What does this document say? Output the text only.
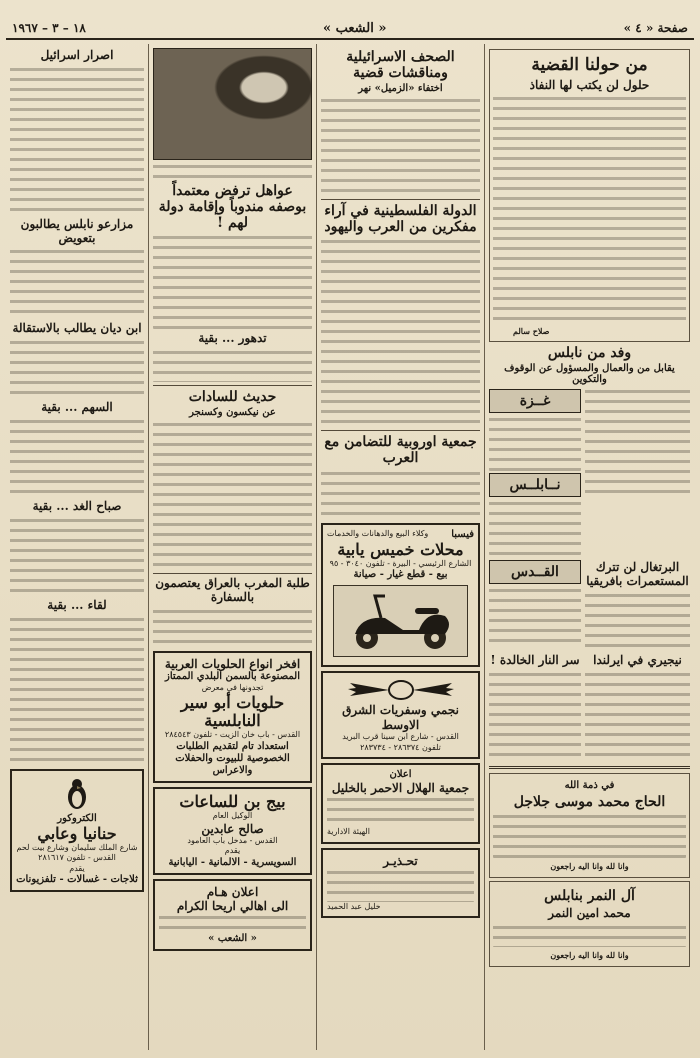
صفحة « ٤ »
« الشعب »
١٨ – ٣ – ١٩٦٧
من حولنا القضية
حلول لن يكتب لها النفاذ
صلاح سالم
وفد من نابلس
يقابل من والعمال والمسؤول عن الوقوف والتكوين
غــزة
نــابلــس
البرتغال لن تترك المستعمرات بافريقيا
القــدس
نيجيري في ايرلندا
سر النار الخالدة !
في ذمة الله
الحاج محمد موسى جلاجل
وانا لله وانا اليه راجعون
آل النمر بنابلس
محمد امين النمر
وانا لله وانا اليه راجعون
الصحف الاسرائيلية ومناقشات قضية
اختفاء «الزميل» نهر
الدولة الفلسطينية في آراء مفكرين من العرب واليهود
جمعية اوروبية للتضامن مع العرب
فيسبا
وكلاء البيع والدهانات والخدمات
محلات خميس يابية
الشارع الرئيسي - البيرة - تلفون ٣٠٤٠ - ٩٥
بيع - قطع غيار - صيانة
نجمي وسفريات الشرق الاوسط
القدس - شارع ابن سينا قرب البريد
تلفون ٢٨٦٣٧٤ - ٢٨٣٧٣٤
اعلان
جمعية الهلال الاحمر بالخليل
الهيئة الادارية
تحـذيـر
خليل عبد الحميد
عواهل ترفض معتمداً بوصفه مندوباً وإقامة دولة لهم !
تدهور ... بقية
حديث للسادات
عن نيكسون وكسنجر
طلبة المغرب بالعراق يعتصمون بالسفارة
افخر انواع الحلويات العربية
المصنوعة بالسمن البلدي الممتاز
تجدونها في معرض
حلويات أبو سير النابلسية
القدس - باب خان الزيت - تلفون ٢٨٤٥٤٣
استعداد تام لتقديم الطلبات الخصوصية للبيوت والحفلات والاعراس
بيج بن للساعات
الوكيل العام
صالح عابدين
القدس - مدخل باب العامود
يقدم
السويسرية - الالمانية - اليابانية
اعلان هـام
الى اهالي اريحا الكرام
« الشعب »
اصرار اسرائيل
مزارعو نابلس يطالبون بتعويض
ابن ديان يطالب بالاستقالة
السهم ... بقية
صباح الغد ... بقية
لقاء ... بقية
الكتروكور
حنانيا وعابي
شارع الملك سليمان وشارع بيت لحم
القدس - تلفون ٢٨١٦١٧
يقدم
ثلاجات - غسالات - تلفزيونات
